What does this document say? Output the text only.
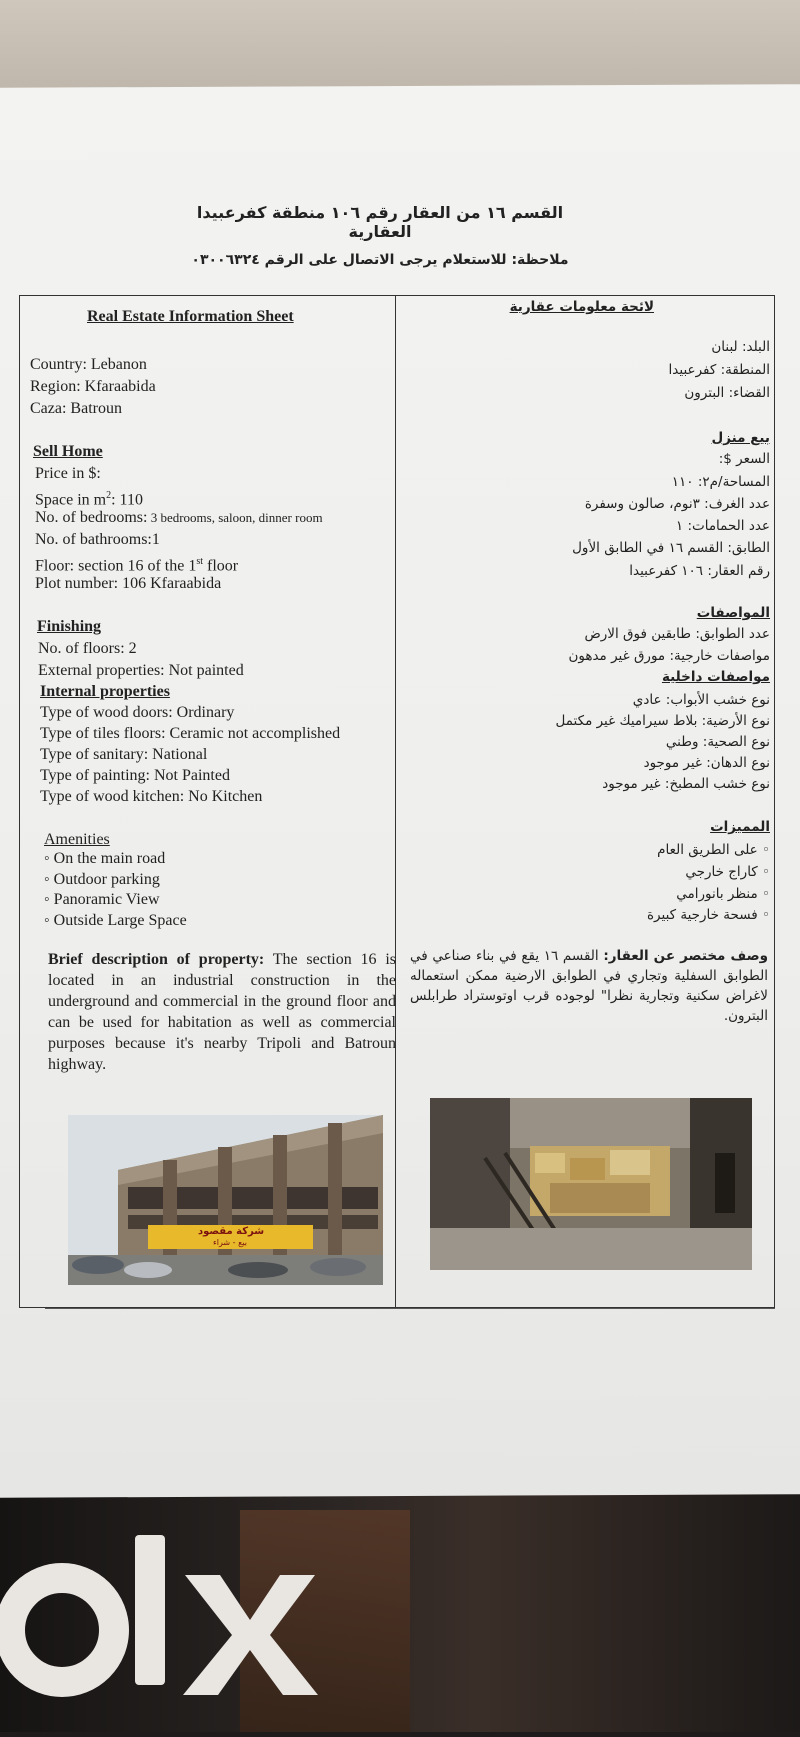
القسم ١٦ من العقار رقم ١٠٦ منطقة كفرعبيدا العقارية
ملاحظة: للاستعلام يرجى الاتصال على الرقم ٠٣٠٠٦٣٢٤
Real Estate Information Sheet
Country: Lebanon
Region: Kfaraabida
Caza: Batroun
Sell Home
Price in $:
Space in $m^2$: 110
No. of bedrooms: 3 bedrooms, saloon, dinner room
No. of bathrooms:1
Floor: section 16 of the 1st floor
Plot number: 106 Kfaraabida
Finishing
No. of floors: 2
External properties: Not painted
Internal properties
Type of wood doors: Ordinary
Type of tiles floors: Ceramic not accomplished
Type of sanitary: National
Type of painting: Not Painted
Type of wood kitchen: No Kitchen
Amenities
◦ On the main road
◦ Outdoor parking
◦ Panoramic View
◦ Outside Large Space
Brief description of property: The section 16 is located in an industrial construction in the underground and commercial in the ground floor and can be used for habitation as well as commercial purposes because it's nearby Tripoli and Batroun highway.
لائحة معلومات عقارية
البلد: لبنان
المنطقة: كفرعبيدا
القضاء: البترون
بيع منزل
السعر $:
المساحة/م٢: ١١٠
عدد الغرف: ٣نوم، صالون وسفرة
عدد الحمامات: ١
الطابق: القسم ١٦ في الطابق الأول
رقم العقار: ١٠٦ كفرعبيدا
المواصفات
عدد الطوابق: طابقين فوق الارض
مواصفات خارجية: مورق غير مدهون
مواصفات داخلية
نوع خشب الأبواب: عادي
نوع الأرضية: بلاط سيراميك غير مكتمل
نوع الصحية: وطني
نوع الدهان: غير موجود
نوع خشب المطبخ: غير موجود
المميزات
◦ على الطريق العام
◦ كاراج خارجي
◦ منظر بانورامي
◦ فسحة خارجية كبيرة
وصف مختصر عن العقار: القسم ١٦ يقع في بناء صناعي في الطوابق السفلية وتجاري في الطوابق الارضية ممكن استعماله لاغراض سكنية وتجارية نظرا" لوجوده قرب اوتوستراد طرابلس البترون.
شركة مقصود
بيع - شراء
